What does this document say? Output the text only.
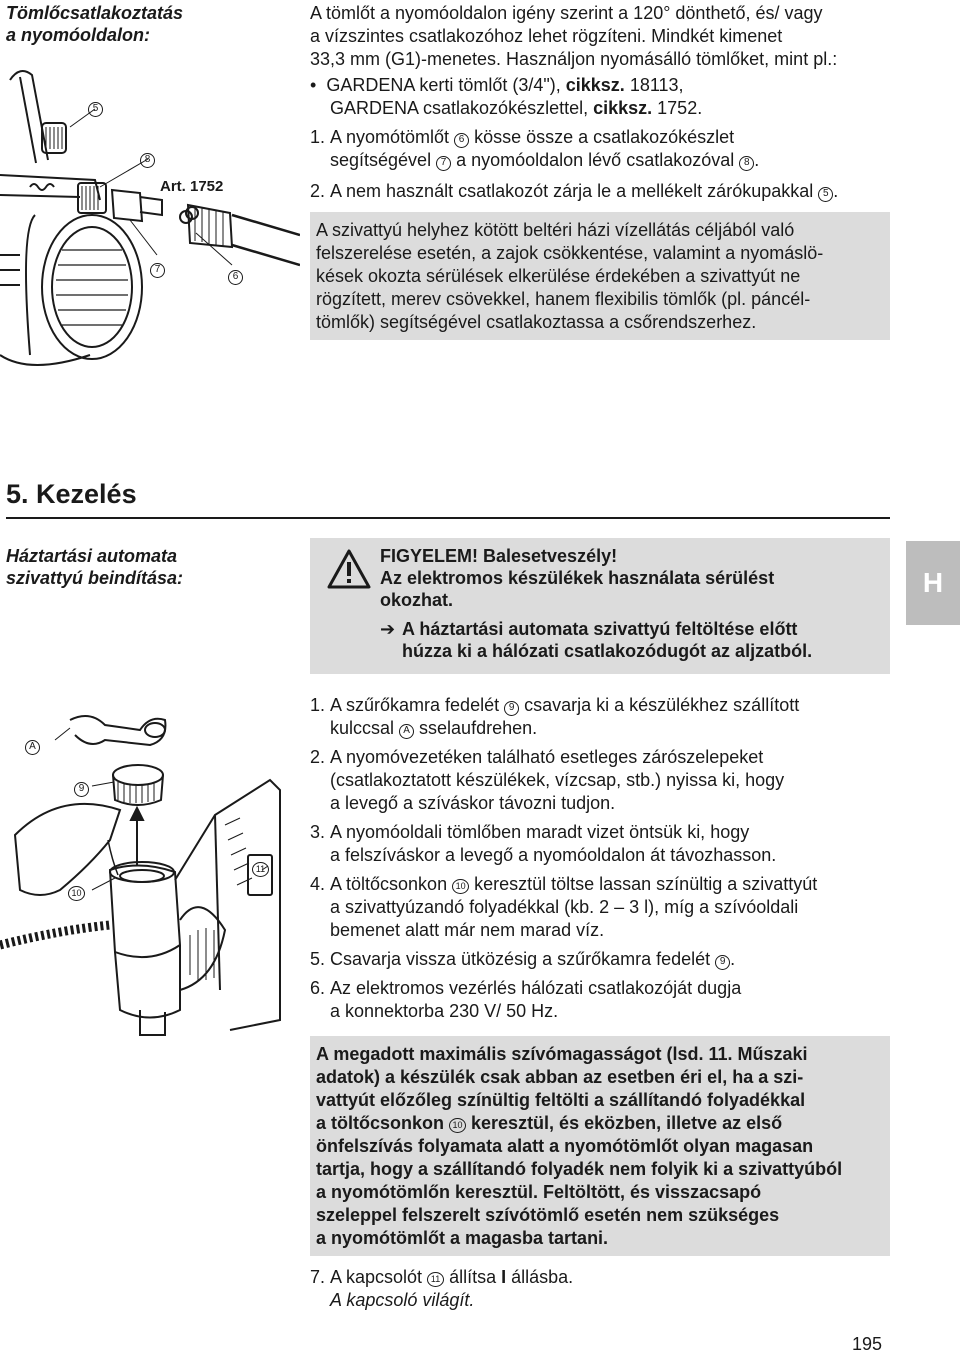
Tömlőcsatlakoztatás
a nyomóoldalon:
5
8
Art. 1752
7
6
A tömlőt a nyomóoldalon igény szerint a 120° dönthető, és/ vagy
a vízszintes csatlakozóhoz lehet rögzíteni. Mindkét kimenet
33,3 mm (G1)-menetes. Használjon nyomásálló tömlőket, mint pl.:
•  GARDENA kerti tömlőt (3/4"), cikksz. 18113,
GARDENA csatlakozókészlettel, cikksz. 1752.
1. A nyomótömlőt 6 kösse össze a csatlakozókészlet
segítségével 7 a nyomóoldalon lévő csatlakozóval 8 .
2. A nem használt csatlakozót zárja le a mellékelt zárókupakkal 5 .
A szivattyú helyhez kötött beltéri házi vízellátás céljából való
felszerelése esetén, a zajok csökkentése, valamint a nyomáslö-
kések okozta sérülések elkerülése érdekében a szivattyút ne
rögzített, merev csövekkel, hanem flexibilis tömlők (pl. páncél-
tömlők) segítségével csatlakoztassa a csőrendszerhez.
5. Kezelés
Háztartási automata
szivattyú beindítása:
FIGYELEM! Balesetveszély!
Az elektromos készülékek használata sérülést
okozhat.
➔ A háztartási automata szivattyú feltöltése előtt
húzza ki a hálózati csatlakozódugót az aljzatból.
A
9
10
11
1. A szűrőkamra fedelét 9 csavarja ki a készülékhez szállított
kulccsal A sselaufdrehen.
2. A nyomóvezetéken található esetleges zárószelepeket
(csatlakoztatott készülékek, vízcsap, stb.) nyissa ki, hogy
a levegő a szíváskor távozni tudjon.
3. A nyomóoldali tömlőben maradt vizet öntsük ki, hogy
a felszíváskor a levegő a nyomóoldalon át távozhasson.
4. A töltőcsonkon 10 keresztül töltse lassan színültig a szivattyút
a szivattyúzandó folyadékkal (kb. 2 – 3 l), míg a szívóoldali
bemenet alatt már nem marad víz.
5. Csavarja vissza ütközésig a szűrőkamra fedelét 9 .
6. Az elektromos vezérlés hálózati csatlakozóját dugja
a konnektorba 230 V/ 50 Hz.
A megadott maximális szívómagasságot (lsd. 11. Műszaki
adatok) a készülék csak abban az esetben éri el, ha a szi-
vattyút előzőleg színültig feltölti a szállítandó folyadékkal
a töltőcsonkon 10 keresztül, és eközben, illetve az első
önfelszívás folyamata alatt a nyomótömlőt olyan magasan
tartja, hogy a szállítandó folyadék nem folyik ki a szivattyúból
a nyomótömlőn keresztül. Feltöltött, és visszacsapó
szeleppel felszerelt szívótömlő esetén nem szükséges
a nyomótömlőt a magasba tartani.
7. A kapcsolót 11 állítsa I állásba.
A kapcsoló világít.
H
195
